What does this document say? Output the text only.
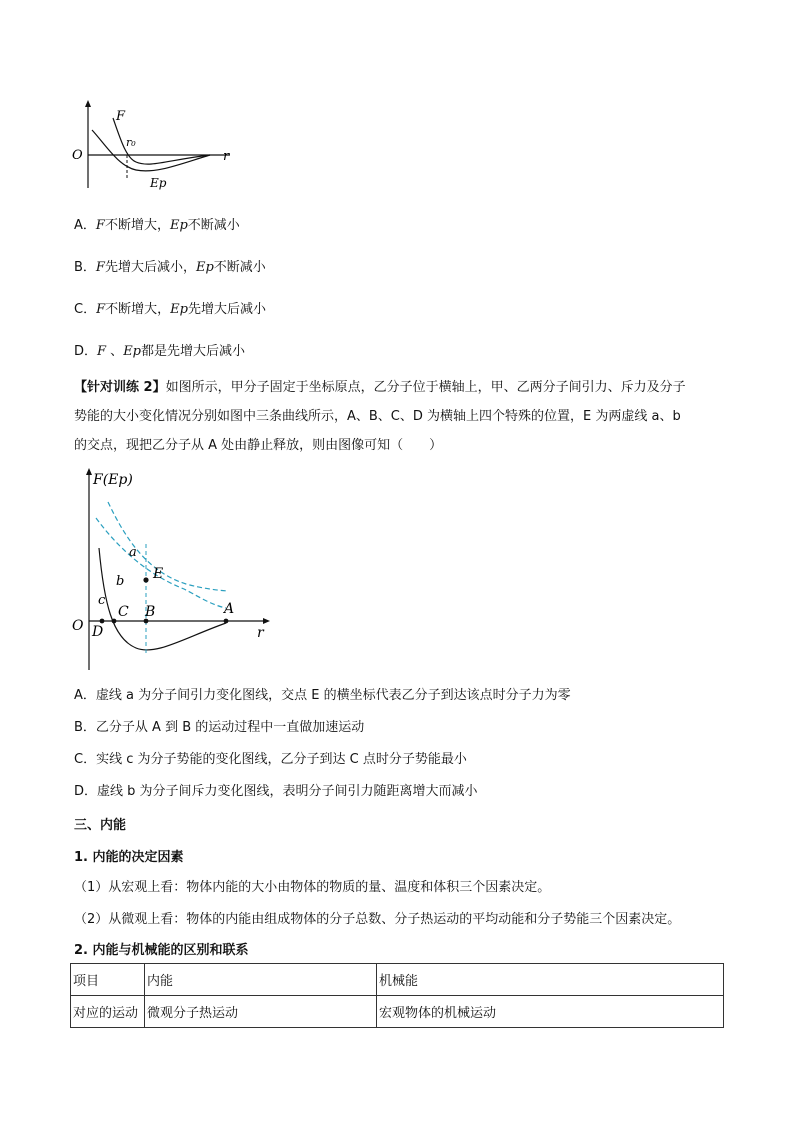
F
r₀
O	r
Ep
A．F不断增大，Ep不断减小
B．F先增大后减小，Ep不断减小
C．F不断增大，Ep先增大后减小
D．F 、Ep都是先增大后减小
【针对训练 2】如图所示，甲分子固定于坐标原点，乙分子位于横轴上，甲、乙两分子间引力、斥力及分子
势能的大小变化情况分别如图中三条曲线所示，A、B、C、D 为横轴上四个特殊的位置，E 为两虚线 a、b
的交点，现把乙分子从 A 处由静止释放，则由图像可知（　　）
F(Ep)
O	r
a
b
c
E
A
B
C
D
A．虚线 a 为分子间引力变化图线，交点 E 的横坐标代表乙分子到达该点时分子力为零
B．乙分子从 A 到 B 的运动过程中一直做加速运动
C．实线 c 为分子势能的变化图线，乙分子到达 C 点时分子势能最小
D．虚线 b 为分子间斥力变化图线，表明分子间引力随距离增大而减小
三、内能
1. 内能的决定因素
（1）从宏观上看：物体内能的大小由物体的物质的量、温度和体积三个因素决定。
（2）从微观上看：物体的内能由组成物体的分子总数、分子热运动的平均动能和分子势能三个因素决定。
2. 内能与机械能的区别和联系
项目	内能	机械能
对应的运动	微观分子热运动	宏观物体的机械运动
